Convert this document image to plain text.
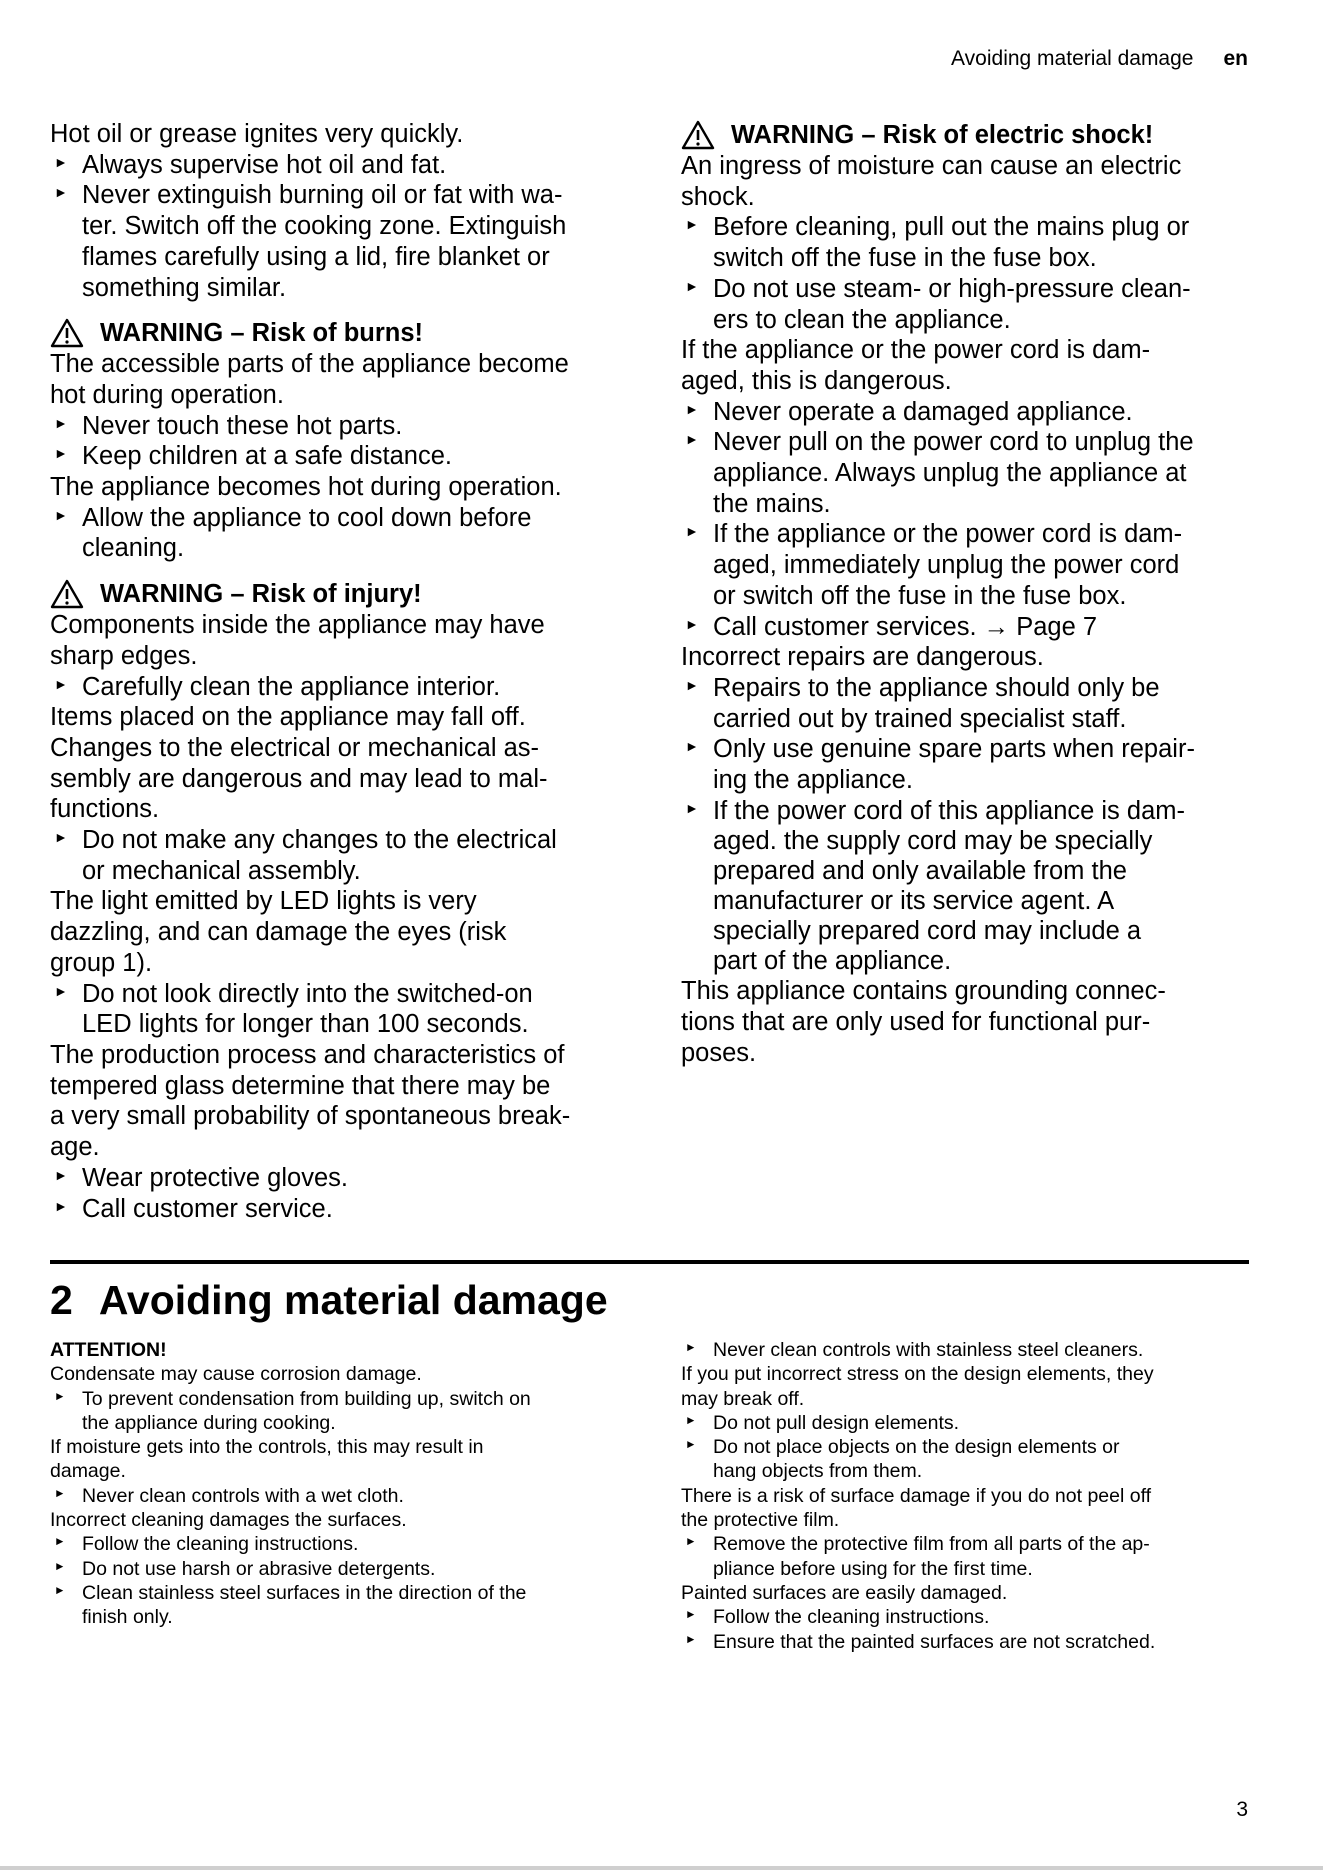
Avoiding material damage en
Hot oil or grease ignites very quickly.
► Always supervise hot oil and fat.
► Never extinguish burning oil or fat with wa-
ter. Switch off the cooking zone. Extinguish
flames carefully using a lid, fire blanket or
something similar.
WARNING – Risk of burns!
The accessible parts of the appliance become
hot during operation.
► Never touch these hot parts.
► Keep children at a safe distance.
The appliance becomes hot during operation.
► Allow the appliance to cool down before
cleaning.
WARNING – Risk of injury!
Components inside the appliance may have
sharp edges.
► Carefully clean the appliance interior.
Items placed on the appliance may fall off.
Changes to the electrical or mechanical as-
sembly are dangerous and may lead to mal-
functions.
► Do not make any changes to the electrical
or mechanical assembly.
The light emitted by LED lights is very
dazzling, and can damage the eyes (risk
group 1).
► Do not look directly into the switched-on
LED lights for longer than 100 seconds.
The production process and characteristics of
tempered glass determine that there may be
a very small probability of spontaneous break-
age.
► Wear protective gloves.
► Call customer service.
WARNING – Risk of electric shock!
An ingress of moisture can cause an electric
shock.
► Before cleaning, pull out the mains plug or
switch off the fuse in the fuse box.
► Do not use steam- or high-pressure clean-
ers to clean the appliance.
If the appliance or the power cord is dam-
aged, this is dangerous.
► Never operate a damaged appliance.
► Never pull on the power cord to unplug the
appliance. Always unplug the appliance at
the mains.
► If the appliance or the power cord is dam-
aged, immediately unplug the power cord
or switch off the fuse in the fuse box.
► Call customer services. → Page 7
Incorrect repairs are dangerous.
► Repairs to the appliance should only be
carried out by trained specialist staff.
► Only use genuine spare parts when repair-
ing the appliance.
► If the power cord of this appliance is dam-
aged. the supply cord may be specially
prepared and only available from the
manufacturer or its service agent. A
specially prepared cord may include a
part of the appliance.
This appliance contains grounding connec-
tions that are only used for functional pur-
poses.
2 Avoiding material damage
ATTENTION!
Condensate may cause corrosion damage.
► To prevent condensation from building up, switch on
the appliance during cooking.
If moisture gets into the controls, this may result in
damage.
► Never clean controls with a wet cloth.
Incorrect cleaning damages the surfaces.
► Follow the cleaning instructions.
► Do not use harsh or abrasive detergents.
► Clean stainless steel surfaces in the direction of the
finish only.
► Never clean controls with stainless steel cleaners.
If you put incorrect stress on the design elements, they
may break off.
► Do not pull design elements.
► Do not place objects on the design elements or
hang objects from them.
There is a risk of surface damage if you do not peel off
the protective film.
► Remove the protective film from all parts of the ap-
pliance before using for the first time.
Painted surfaces are easily damaged.
► Follow the cleaning instructions.
► Ensure that the painted surfaces are not scratched.
3
